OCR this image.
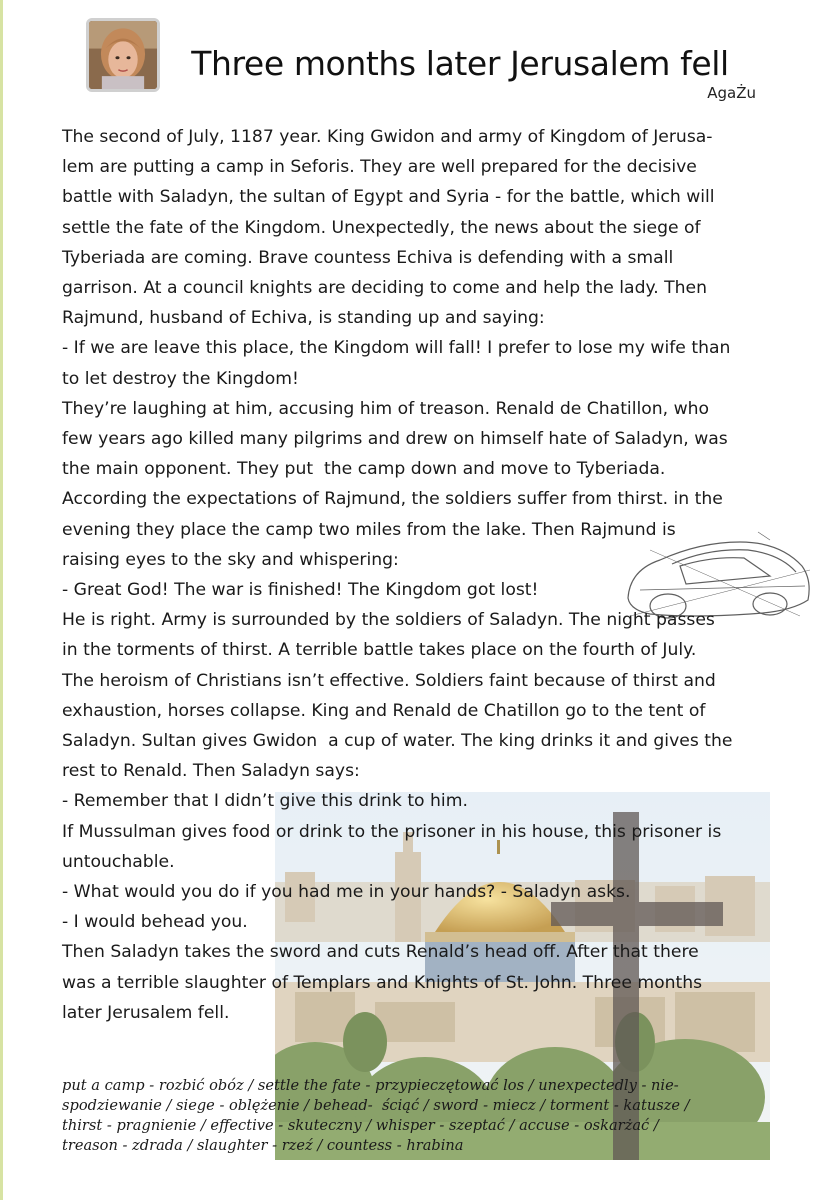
Three months later Jerusalem fell
AgaŻu

The second of July, 1187 year. King Gwidon and army of Kingdom of Jerusa-

lem are putting a camp in Seforis. They are well prepared for the decisive

battle with Saladyn, the sultan of Egypt and Syria - for the battle, which will

settle the fate of the Kingdom. Unexpectedly, the news about the siege of

Tyberiada are coming. Brave countess Echiva is defending with a small

garrison. At a council knights are deciding to come and help the lady. Then

Rajmund, husband of Echiva, is standing up and saying:

- If we are leave this place, the Kingdom will fall! I prefer to lose my wife than

to let destroy the Kingdom!

They’re laughing at him, accusing him of treason. Renald de Chatillon, who

few years ago killed many pilgrims and drew on himself hate of Saladyn, was

the main opponent. They put  the camp down and move to Tyberiada.

According the expectations of Rajmund, the soldiers suffer from thirst. in the

evening they place the camp two miles from the lake. Then Rajmund is

raising eyes to the sky and whispering:

- Great God! The war is finished! The Kingdom got lost!

He is right. Army is surrounded by the soldiers of Saladyn. The night passes

in the torments of thirst. A terrible battle takes place on the fourth of July.

The heroism of Christians isn’t effective. Soldiers faint because of thirst and

exhaustion, horses collapse. King and Renald de Chatillon go to the tent of

Saladyn. Sultan gives Gwidon  a cup of water. The king drinks it and gives the

rest to Renald. Then Saladyn says:

- Remember that I didn’t give this drink to him.

If Mussulman gives food or drink to the prisoner in his house, this prisoner is

untouchable.

- What would you do if you had me in your hands? - Saladyn asks.

- I would behead you.

Then Saladyn takes the sword and cuts Renald’s head off. After that there

was a terrible slaughter of Templars and Knights of St. John. Three months

later Jerusalem fell.

put a camp - rozbić obóz / settle the fate - przypieczętować los / unexpectedly - nie-

spodziewanie / siege - oblężenie / behead-  ściąć / sword - miecz / torment - katusze /

thirst - pragnienie / effective - skuteczny / whisper - szeptać / accuse - oskarżać /

treason - zdrada / slaughter - rzeź / countess - hrabina
